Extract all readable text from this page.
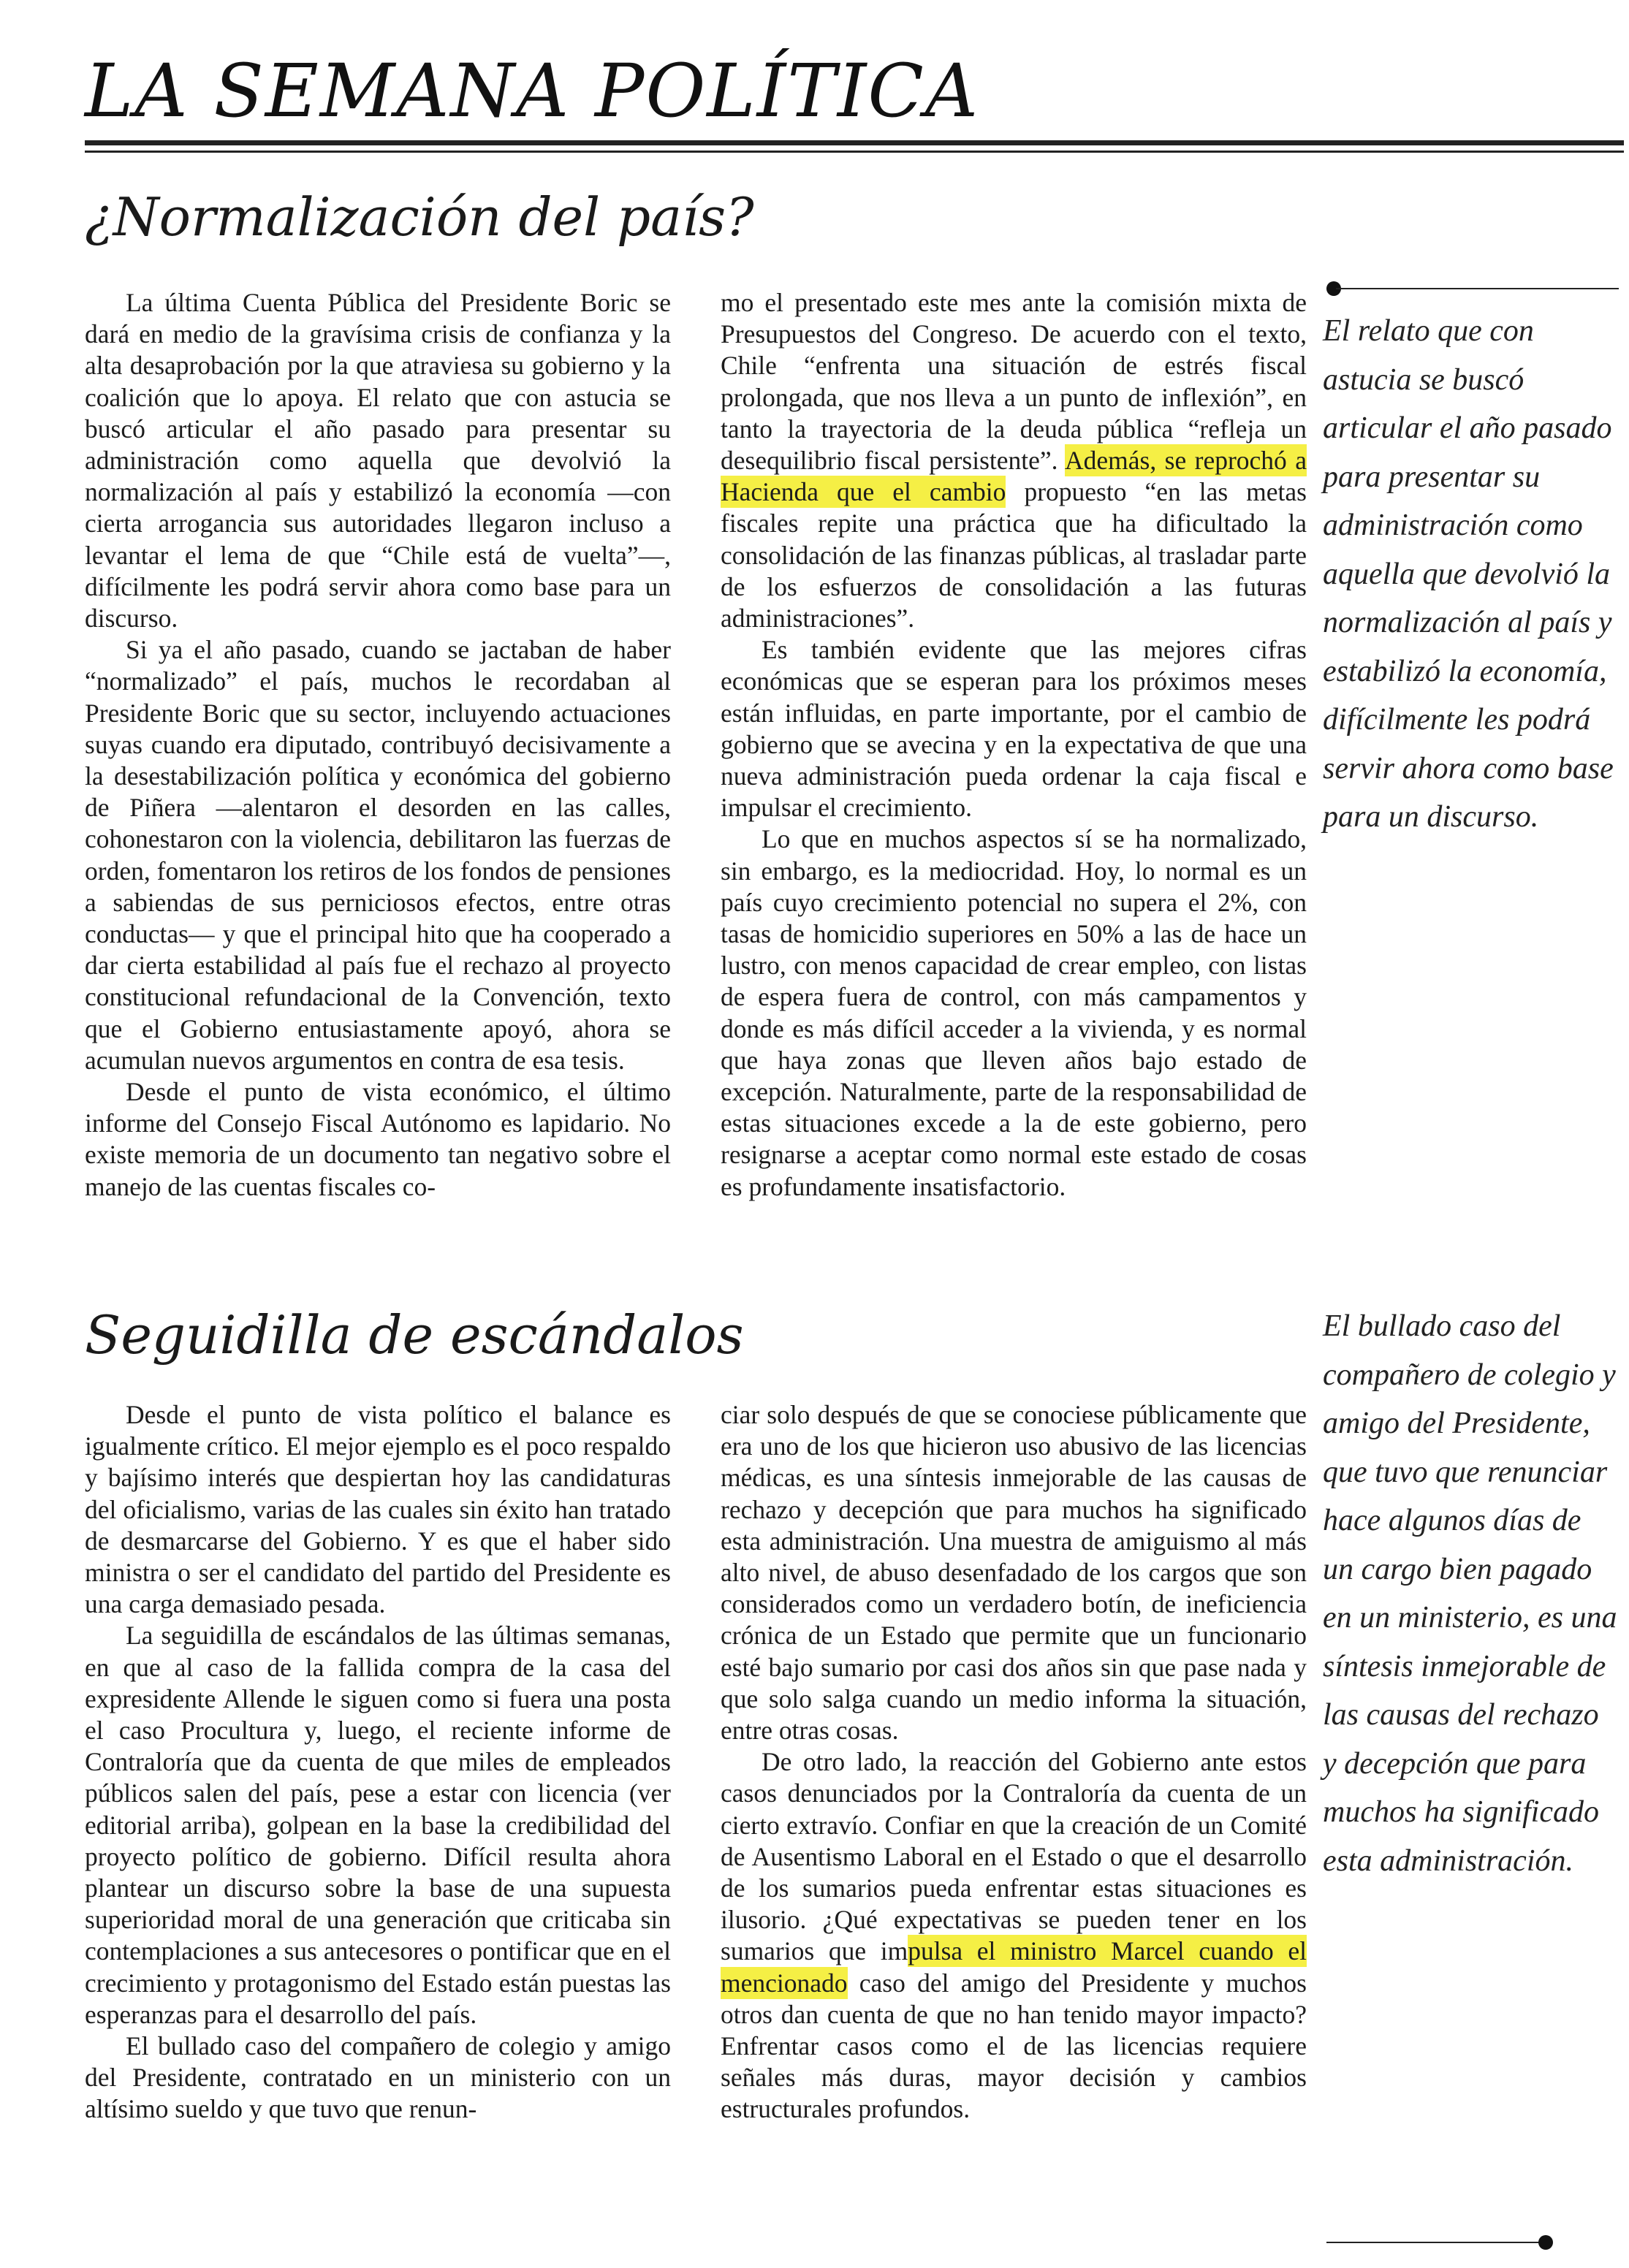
LA SEMANA POLÍTICA
¿Normalización del país?

La última Cuenta Pública del Presidente Boric se dará en medio de la gravísima crisis de confianza y la alta desaprobación por la que atraviesa su gobierno y la coalición que lo apoya. El relato que con astucia se buscó articular el año pasado para presentar su administración como aquella que devolvió la normalización al país y estabilizó la economía —con cierta arrogancia sus autoridades llegaron incluso a levantar el lema de que “Chile está de vuelta”—, difícilmente les podrá servir ahora como base para un discurso.

Si ya el año pasado, cuando se jactaban de haber “normalizado” el país, muchos le recordaban al Presidente Boric que su sector, incluyendo actuaciones suyas cuando era diputado, contribuyó decisivamente a la desestabilización política y económica del gobierno de Piñera —alentaron el desorden en las calles, cohonestaron con la violencia, debilitaron las fuerzas de orden, fomentaron los retiros de los fondos de pensiones a sabiendas de sus perniciosos efectos, entre otras conductas— y que el principal hito que ha cooperado a dar cierta estabilidad al país fue el rechazo al proyecto constitucional refundacional de la Convención, texto que el Gobierno entusiastamente apoyó, ahora se acumulan nuevos argumentos en contra de esa tesis.

Desde el punto de vista económico, el último informe del Consejo Fiscal Autónomo es lapidario. No existe memoria de un documento tan negativo sobre el manejo de las cuentas fiscales co-

mo el presentado este mes ante la comisión mixta de Presupuestos del Congreso. De acuerdo con el texto, Chile “enfrenta una situación de estrés fiscal prolongada, que nos lleva a un punto de inflexión”, en tanto la trayectoria de la deuda pública “refleja un desequilibrio fiscal persistente”. Además, se reprochó a Hacienda que el cambio propuesto “en las metas fiscales repite una práctica que ha dificultado la consolidación de las finanzas públicas, al trasladar parte de los esfuerzos de consolidación a las futuras administraciones”.

Es también evidente que las mejores cifras económicas que se esperan para los próximos meses están influidas, en parte importante, por el cambio de gobierno que se avecina y en la expectativa de que una nueva administración pueda ordenar la caja fiscal e impulsar el crecimiento.

Lo que en muchos aspectos sí se ha normalizado, sin embargo, es la mediocridad. Hoy, lo normal es un país cuyo crecimiento potencial no supera el 2%, con tasas de homicidio superiores en 50% a las de hace un lustro, con menos capacidad de crear empleo, con listas de espera fuera de control, con más campamentos y donde es más difícil acceder a la vivienda, y es normal que haya zonas que lleven años bajo estado de excepción. Naturalmente, parte de la responsabilidad de estas situaciones excede a la de este gobierno, pero resignarse a aceptar como normal este estado de cosas es profundamente insatisfactorio.

El relato que con astucia se buscó articular el año pasado para presentar su administración como aquella que devolvió la normalización al país y estabilizó la economía, difícilmente les podrá servir ahora como base para un discurso.
Seguidilla de escándalos

Desde el punto de vista político el balance es igualmente crítico. El mejor ejemplo es el poco respaldo y bajísimo interés que despiertan hoy las candidaturas del oficialismo, varias de las cuales sin éxito han tratado de desmarcarse del Gobierno. Y es que el haber sido ministra o ser el candidato del partido del Presidente es una carga demasiado pesada.

La seguidilla de escándalos de las últimas semanas, en que al caso de la fallida compra de la casa del expresidente Allende le siguen como si fuera una posta el caso Procultura y, luego, el reciente informe de Contraloría que da cuenta de que miles de empleados públicos salen del país, pese a estar con licencia (ver editorial arriba), golpean en la base la credibilidad del proyecto político de gobierno. Difícil resulta ahora plantear un discurso sobre la base de una supuesta superioridad moral de una generación que criticaba sin contemplaciones a sus antecesores o pontificar que en el crecimiento y protagonismo del Estado están puestas las esperanzas para el desarrollo del país.

El bullado caso del compañero de colegio y amigo del Presidente, contratado en un ministerio con un altísimo sueldo y que tuvo que renun-

ciar solo después de que se conociese públicamente que era uno de los que hicieron uso abusivo de las licencias médicas, es una síntesis inmejorable de las causas de rechazo y decepción que para muchos ha significado esta administración. Una muestra de amiguismo al más alto nivel, de abuso desenfadado de los cargos que son considerados como un verdadero botín, de ineficiencia crónica de un Estado que permite que un funcionario esté bajo sumario por casi dos años sin que pase nada y que solo salga cuando un medio informa la situación, entre otras cosas.

De otro lado, la reacción del Gobierno ante estos casos denunciados por la Contraloría da cuenta de un cierto extravío. Confiar en que la creación de un Comité de Ausentismo Laboral en el Estado o que el desarrollo de los sumarios pueda enfrentar estas situaciones es ilusorio. ¿Qué expectativas se pueden tener en los sumarios que impulsa el ministro Marcel cuando el mencionado caso del amigo del Presidente y muchos otros dan cuenta de que no han tenido mayor impacto? Enfrentar casos como el de las licencias requiere señales más duras, mayor decisión y cambios estructurales profundos.

El bullado caso del compañero de colegio y amigo del Presidente, que tuvo que renunciar hace algunos días de un cargo bien pagado en un ministerio, es una síntesis inmejorable de las causas del rechazo y decepción que para muchos ha significado esta administración.
